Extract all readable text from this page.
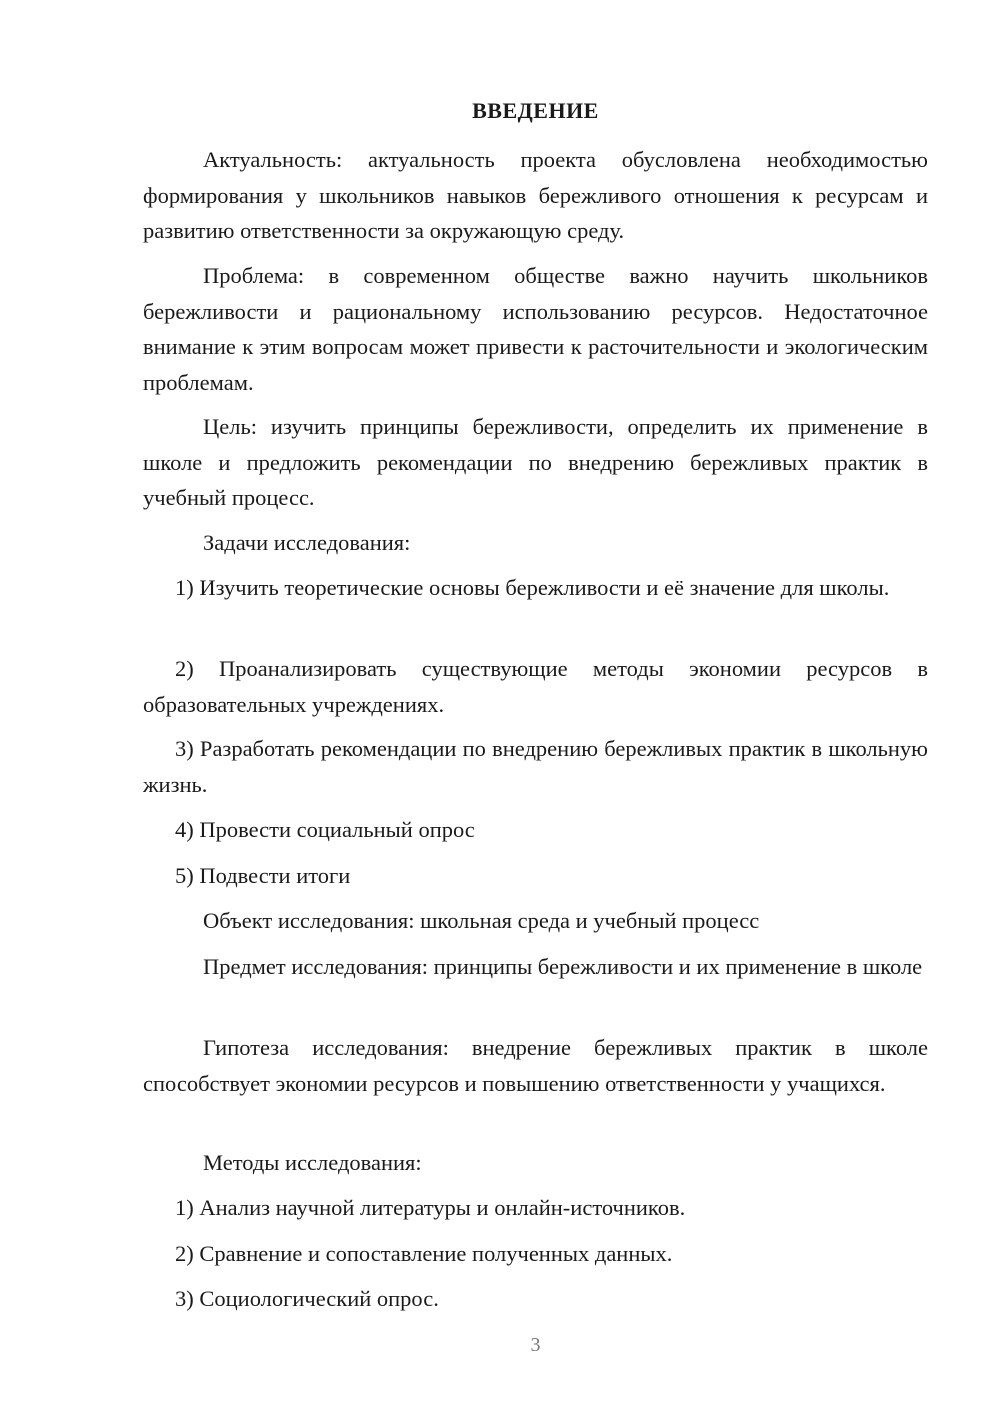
ВВЕДЕНИЕ

Актуальность: актуальность проекта обусловлена необходимостью формирования у школьников навыков бережливого отношения к ресурсам и развитию ответственности за окружающую среду.

Проблема: в современном обществе важно научить школьников бережливости и рациональному использованию ресурсов. Недостаточное внимание к этим вопросам может привести к расточительности и экологическим проблемам.

Цель: изучить принципы бережливости, определить их применение в школе и предложить рекомендации по внедрению бережливых практик в учебный процесс.

Задачи исследования:

1) Изучить теоретические основы бережливости и её значение для школы.

2) Проанализировать существующие методы экономии ресурсов в образовательных учреждениях.

3) Разработать рекомендации по внедрению бережливых практик в школьную жизнь.

4) Провести социальный опрос

5) Подвести итоги

Объект исследования: школьная среда и учебный процесс

Предмет исследования: принципы бережливости и их применение в школе

Гипотеза исследования: внедрение бережливых практик в школе способствует экономии ресурсов и повышению ответственности у учащихся.

Методы исследования:

1) Анализ научной литературы и онлайн-источников.

2) Сравнение и сопоставление полученных данных.

3) Социологический опрос.

3
